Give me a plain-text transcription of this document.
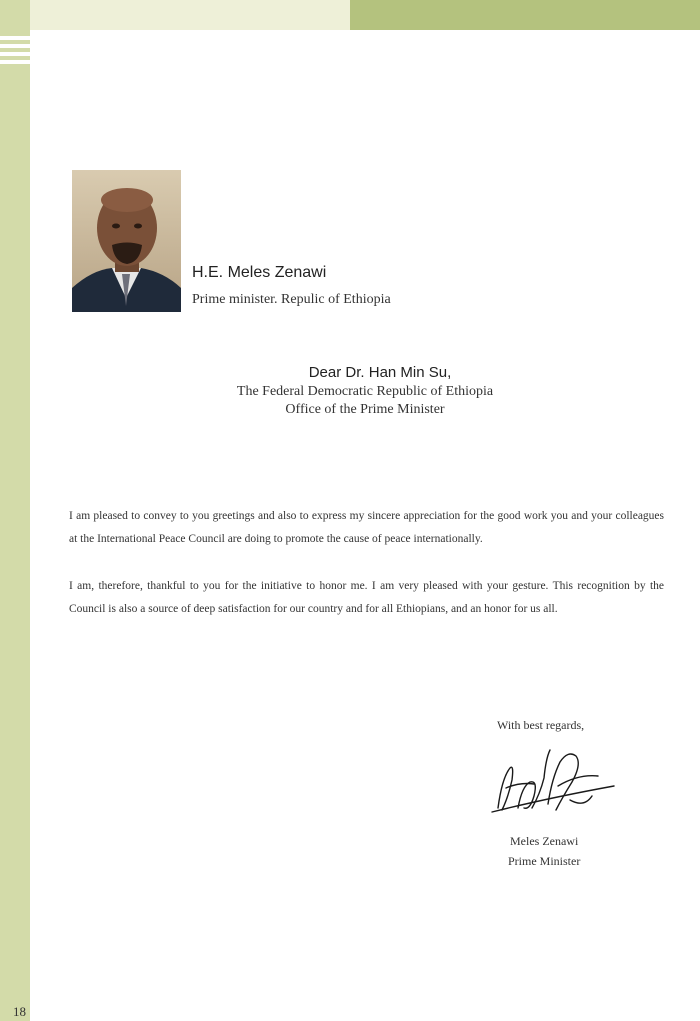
H.E. Meles Zenawi
Prime minister. Repulic of Ethiopia
Dear Dr. Han Min Su,
The Federal Democratic Republic of Ethiopia
Office of the Prime Minister
I am pleased to convey to you greetings and also to express my sincere appreciation for the good work you and your colleagues at the International Peace Council are doing to promote the cause of peace internationally.
I am, therefore, thankful to you for the initiative to honor me. I am very pleased with your gesture. This recognition by the Council is also a source of deep satisfaction for our country and for all Ethiopians, and an honor for us all.
With best regards,
Meles Zenawi
Prime Minister
18
